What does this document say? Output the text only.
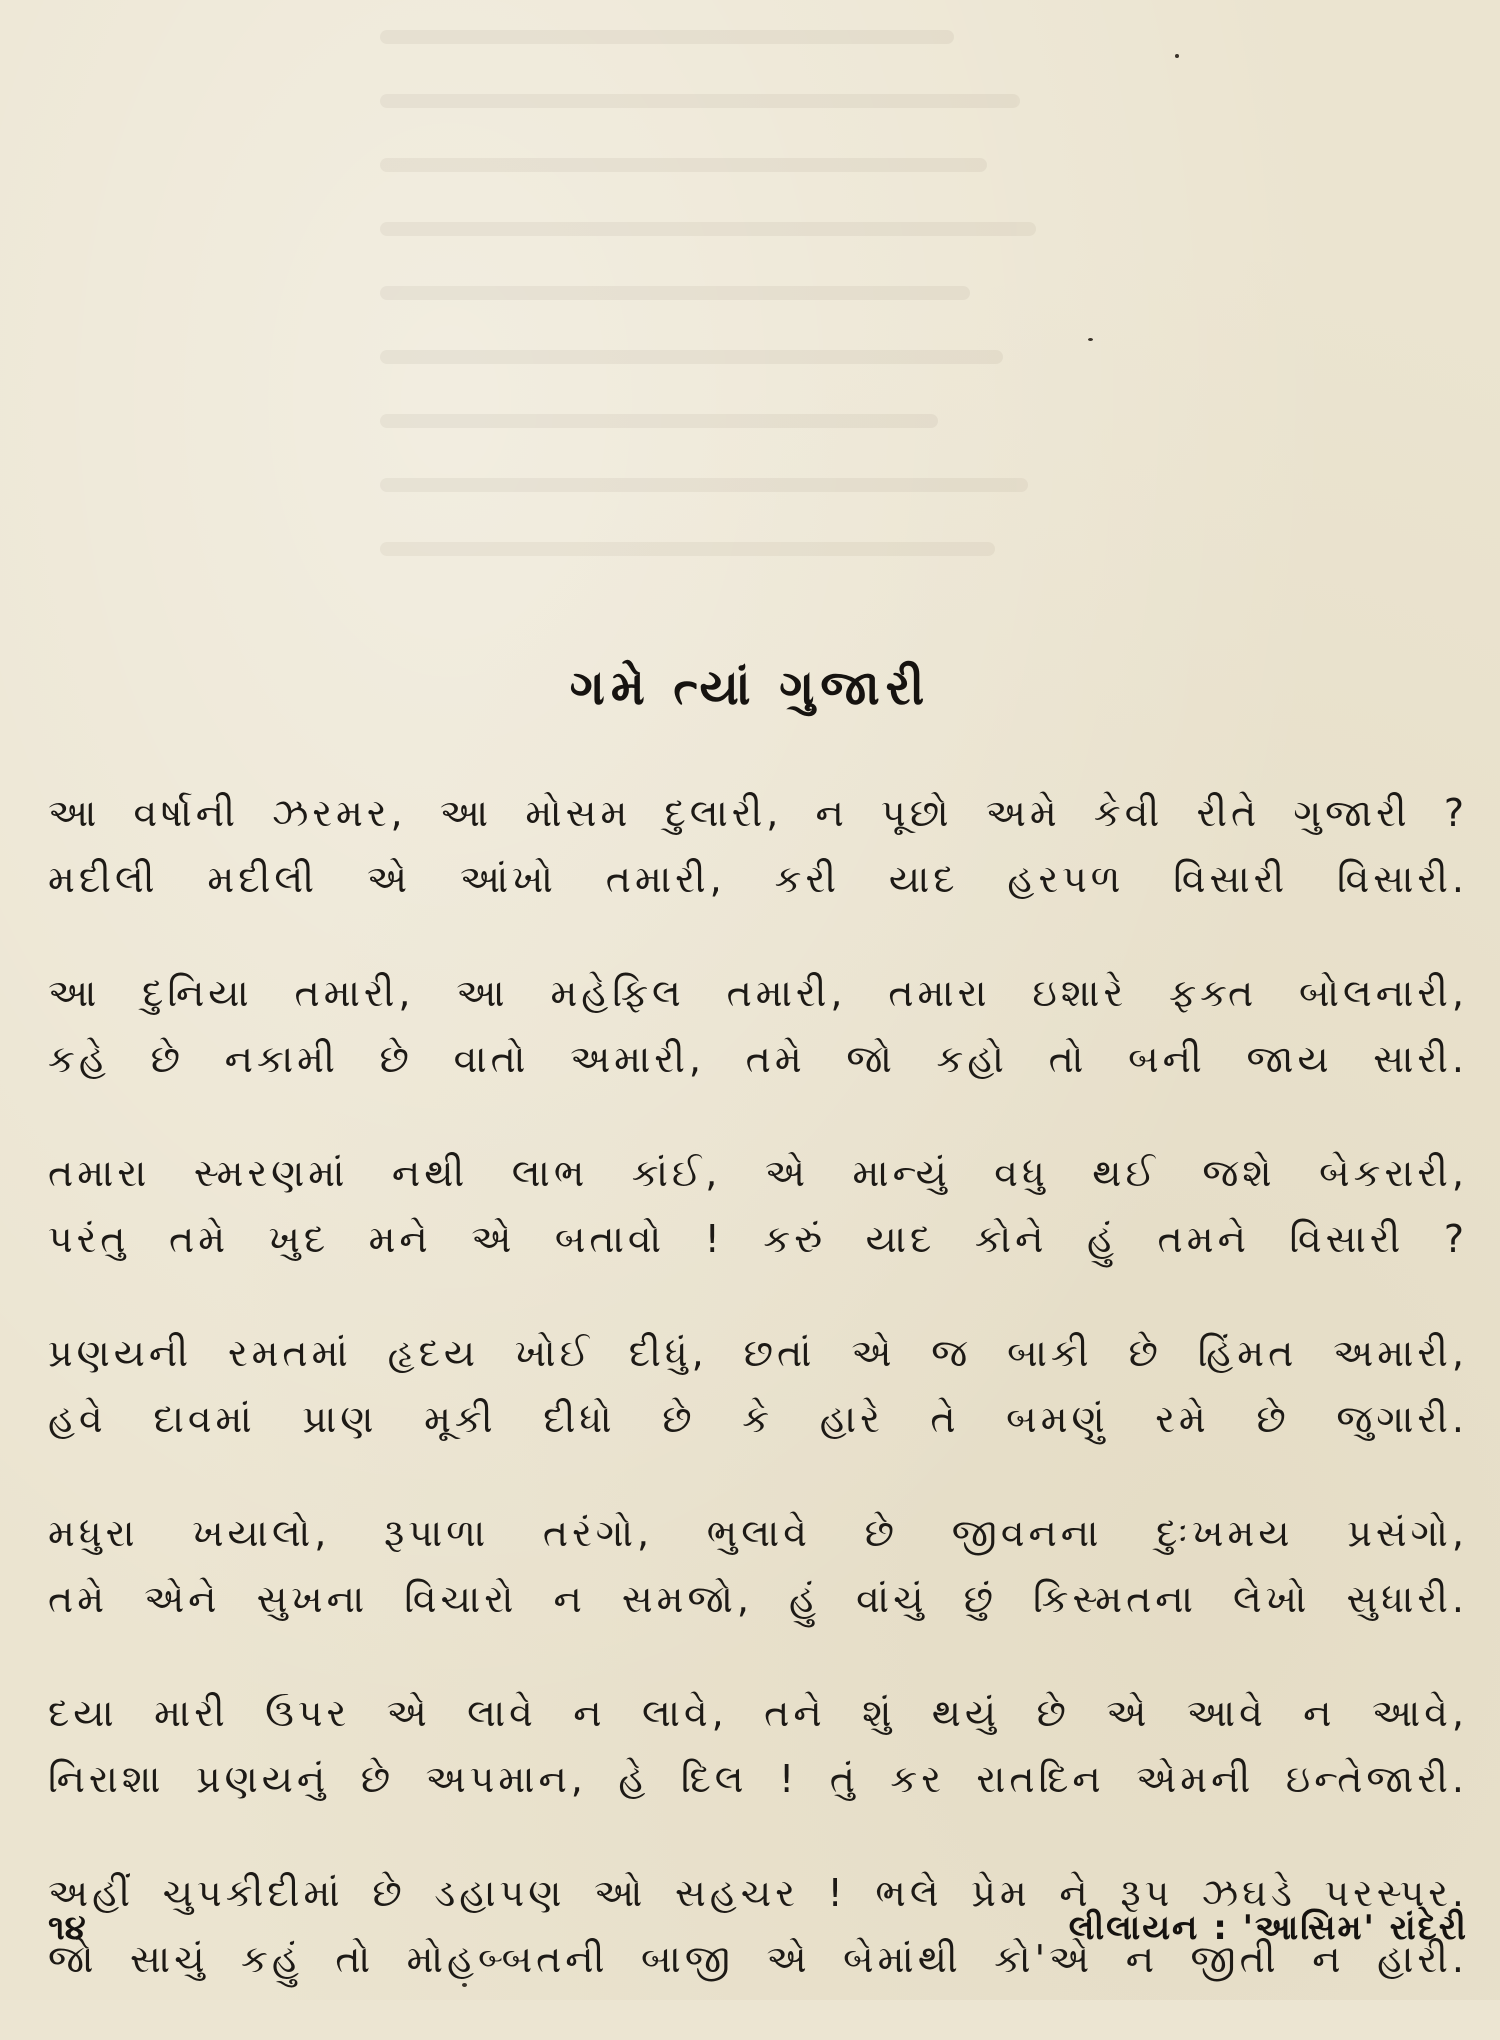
ગમે ત્યાં ગુજારી
આ વર્ષાની ઝરમર, આ મોસમ દુલારી, ન પૂછો અમે કેવી રીતે ગુજારી ?
મદીલી મદીલી એ આંખો તમારી, કરી યાદ હરપળ વિસારી વિસારી.
આ દુનિયા તમારી, આ મહેફિલ તમારી, તમારા ઇશારે ફક્ત બોલનારી,
કહે છે નકામી છે વાતો અમારી, તમે જો કહો તો બની જાય સારી.
તમારા સ્મરણમાં નથી લાભ કાંઈ, એ માન્યું વધુ થઈ જશે બેકરારી,
પરંતુ તમે ખુદ મને એ બતાવો ! કરું યાદ કોને હું તમને વિસારી ?
પ્રણયની રમતમાં હૃદય ખોઈ દીધું, છતાં એ જ બાકી છે હિંમત અમારી,
હવે દાવમાં પ્રાણ મૂકી દીધો છે કે હારે તે બમણું રમે છે જુગારી.
મધુરા ખયાલો, રૂપાળા તરંગો, ભુલાવે છે જીવનના દુઃખમય પ્રસંગો,
તમે એને સુખના વિચારો ન સમજો, હું વાંચું છું કિસ્મતના લેખો સુધારી.
દયા મારી ઉપર એ લાવે ન લાવે, તને શું થયું છે એ આવે ન આવે,
નિરાશા પ્રણયનું છે અપમાન, હે દિલ ! તું કર રાતદિન એમની ઇન્તેજારી.
અહીં ચુપકીદીમાં છે ડહાપણ ઓ સહચર ! ભલે પ્રેમ ને રૂપ ઝઘડે પરસ્પર.
જો સાચું કહું તો મોહબ્બતની બાજી એ બેમાંથી કો'એ ન જીતી ન હારી.
૧૪	લીલાયન : 'આસિમ' રાંદેરી
